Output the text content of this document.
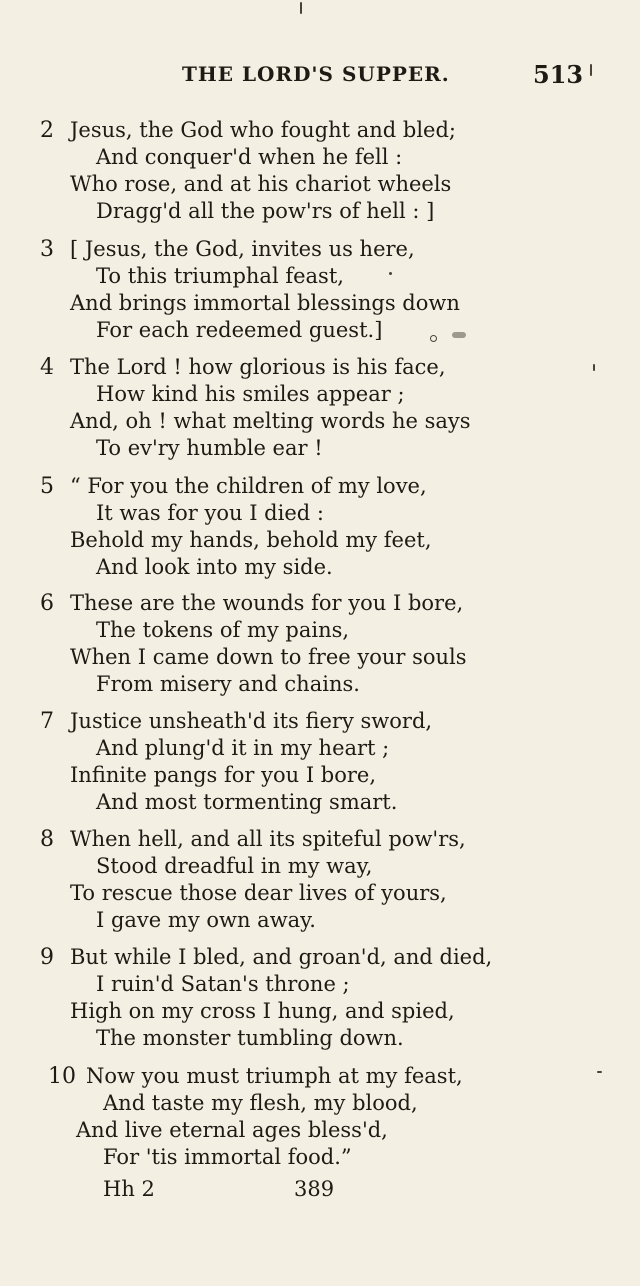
THE LORD'S SUPPER.	513
2 Jesus, the God who fought and bled;
And conquer'd when he fell :
Who rose, and at his chariot wheels
Dragg'd all the pow'rs of hell : ]
3 [ Jesus, the God, invites us here,
To this triumphal feast,
And brings immortal blessings down
For each redeemed guest.]
4 The Lord ! how glorious is his face,
How kind his smiles appear ;
And, oh ! what melting words he says
To ev'ry humble ear !
5 “ For you the children of my love,
It was for you I died :
Behold my hands, behold my feet,
And look into my side.
6 These are the wounds for you I bore,
The tokens of my pains,
When I came down to free your souls
From misery and chains.
7 Justice unsheath'd its fiery sword,
And plung'd it in my heart ;
Infinite pangs for you I bore,
And most tormenting smart.
8 When hell, and all its spiteful pow'rs,
Stood dreadful in my way,
To rescue those dear lives of yours,
I gave my own away.
9 But while I bled, and groan'd, and died,
I ruin'd Satan's throne ;
High on my cross I hung, and spied,
The monster tumbling down.
10 Now you must triumph at my feast,
And taste my flesh, my blood,
And live eternal ages bless'd,
For 'tis immortal food.”
Hh 2	389
